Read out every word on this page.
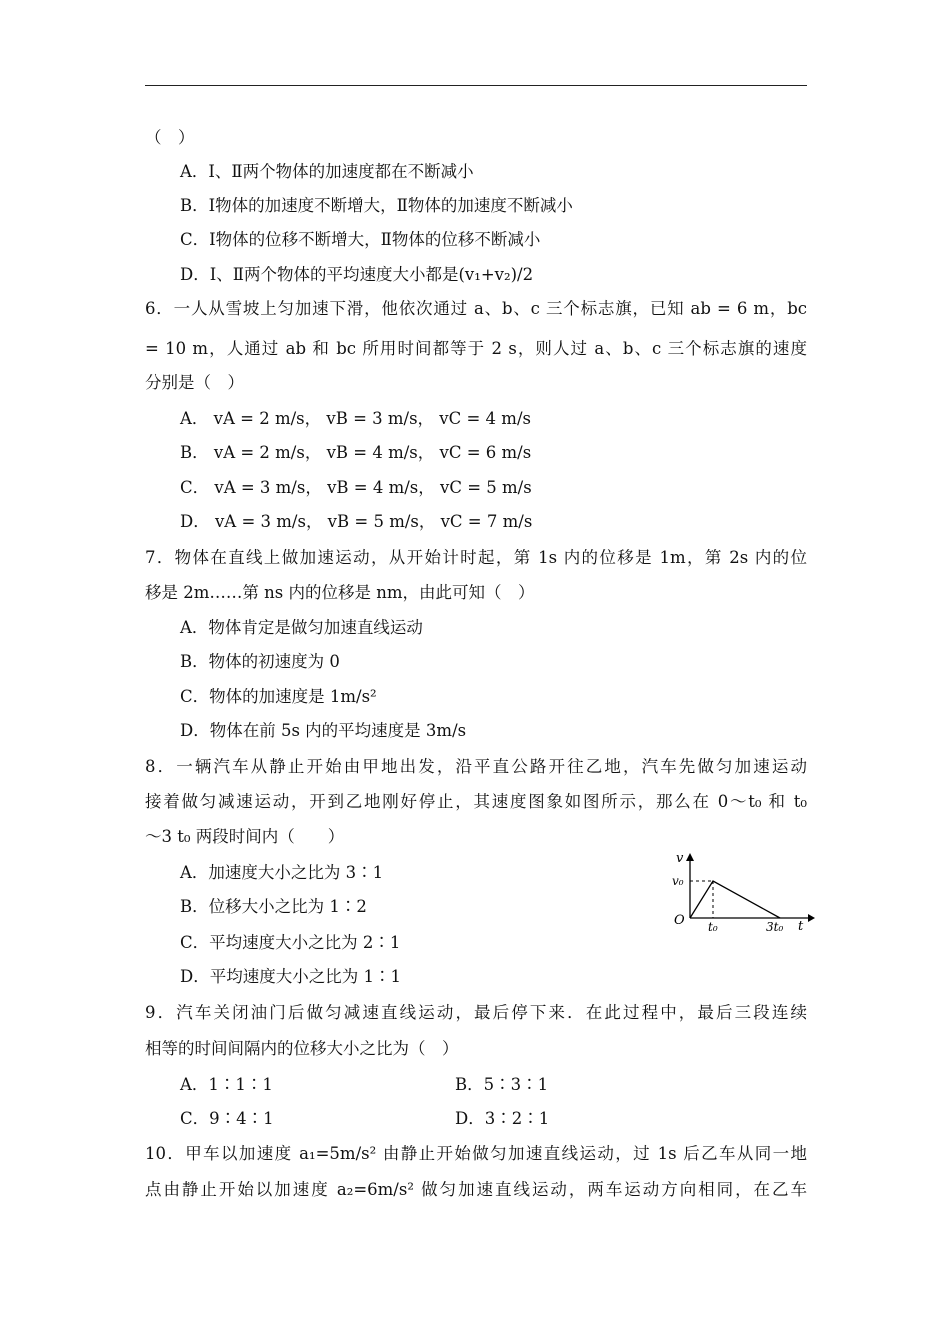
（　）
A．Ⅰ、Ⅱ两个物体的加速度都在不断减小
B．Ⅰ物体的加速度不断增大，Ⅱ物体的加速度不断减小
C．Ⅰ物体的位移不断增大，Ⅱ物体的位移不断减小
D．Ⅰ、Ⅱ两个物体的平均速度大小都是(v₁+v₂)/2
6．一人从雪坡上匀加速下滑，他依次通过 a、b、c 三个标志旗，已知 ab = 6 m，bc
= 10 m，人通过 ab 和 bc 所用时间都等于 2 s，则人过 a、b、c 三个标志旗的速度
分别是（　）
A． vA = 2 m/s， vB = 3 m/s， vC = 4 m/s
B． vA = 2 m/s， vB = 4 m/s， vC = 6 m/s
C． vA = 3 m/s， vB = 4 m/s， vC = 5 m/s
D． vA = 3 m/s， vB = 5 m/s， vC = 7 m/s
7．物体在直线上做加速运动，从开始计时起，第 1s 内的位移是 1m，第 2s 内的位
移是 2m……第 ns 内的位移是 nm，由此可知（　）
A．物体肯定是做匀加速直线运动
B．物体的初速度为 0
C．物体的加速度是 1m/s²
D．物体在前 5s 内的平均速度是 3m/s
8．一辆汽车从静止开始由甲地出发，沿平直公路开往乙地，汽车先做匀加速运动
接着做匀减速运动，开到乙地刚好停止，其速度图象如图所示，那么在 0～t₀ 和 t₀
～3 t₀ 两段时间内（　　）
A．加速度大小之比为 3∶1
B．位移大小之比为 1∶2
C．平均速度大小之比为 2∶1
D．平均速度大小之比为 1∶1
v
v₀
O t₀	3t₀ t
9．汽车关闭油门后做匀减速直线运动，最后停下来．在此过程中，最后三段连续
相等的时间间隔内的位移大小之比为（　）
A．1∶1∶1	B．5∶3∶1
C．9∶4∶1	D．3∶2∶1
10．甲车以加速度 a₁=5m/s² 由静止开始做匀加速直线运动，过 1s 后乙车从同一地
点由静止开始以加速度 a₂=6m/s² 做匀加速直线运动，两车运动方向相同，在乙车
